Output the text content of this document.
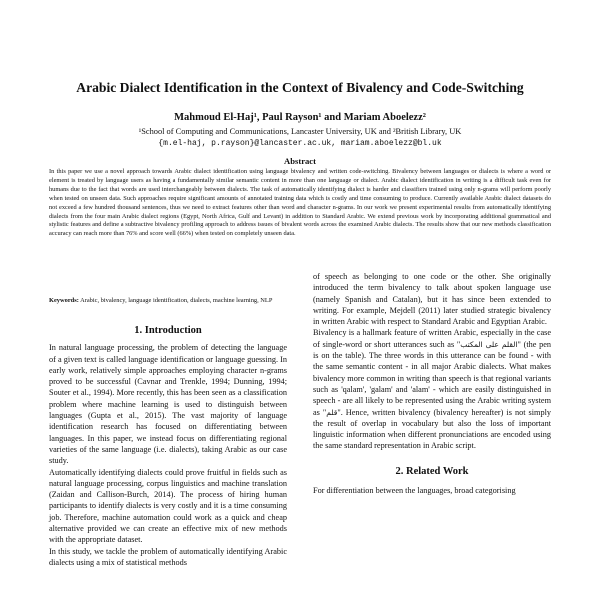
Arabic Dialect Identification in the Context of Bivalency and Code-Switching
Mahmoud El-Haj¹, Paul Rayson¹ and Mariam Aboelezz²
¹School of Computing and Communications, Lancaster University, UK and ²British Library, UK
{m.el-haj, p.rayson}@lancaster.ac.uk, mariam.aboelezz@bl.uk
Abstract

In this paper we use a novel approach towards Arabic dialect identification using language bivalency and written code-switching. Bivalency between languages or dialects is where a word or element is treated by language users as having a fundamentally similar semantic content in more than one language or dialect. Arabic dialect identification in writing is a difficult task even for humans due to the fact that words are used interchangeably between dialects. The task of automatically identifying dialect is harder and classifiers trained using only n-grams will perform poorly when tested on unseen data. Such approaches require significant amounts of annotated training data which is costly and time consuming to produce. Currently available Arabic dialect datasets do not exceed a few hundred thousand sentences, thus we need to extract features other than word and character n-grams. In our work we present experimental results from automatically identifying dialects from the four main Arabic dialect regions (Egypt, North Africa, Gulf and Levant) in addition to Standard Arabic. We extend previous work by incorporating additional grammatical and stylistic features and define a subtractive bivalency profiling approach to address issues of bivalent words across the examined Arabic dialects. The results show that our new methods classification accuracy can reach more than 76% and score well (66%) when tested on completely unseen data.

Keywords: Arabic, bivalency, language identification, dialects, machine learning, NLP
1. Introduction

In natural language processing, the problem of detecting the language of a given text is called language identification or language guessing. In early work, relatively simple approaches employing character n-grams proved to be successful (Cavnar and Trenkle, 1994; Dunning, 1994; Souter et al., 1994). More recently, this has been seen as a classification problem where machine learning is used to distinguish between languages (Gupta et al., 2015). The vast majority of language identification research has focused on differentiating between languages. In this paper, we instead focus on differentiating regional varieties of the same language (i.e. dialects), taking Arabic as our case study.

Automatically identifying dialects could prove fruitful in fields such as natural language processing, corpus linguistics and machine translation (Zaidan and Callison-Burch, 2014). The process of hiring human participants to identify dialects is very costly and it is a time consuming job. Therefore, machine automation could work as a quick and cheap alternative provided we can create an effective mix of new methods with the appropriate dataset.

In this study, we tackle the problem of automatically identifying Arabic dialects using a mix of statistical methods

of speech as belonging to one code or the other. She originally introduced the term bivalency to talk about spoken language use (namely Spanish and Catalan), but it has since been extended to writing. For example, Mejdell (2011) later studied strategic bivalency in written Arabic with respect to Standard Arabic and Egyptian Arabic.

Bivalency is a hallmark feature of written Arabic, especially in the case of single-word or short utterances such as "القلم على المكتب" (the pen is on the table). The three words in this utterance can be found - with the same semantic content - in all major Arabic dialects. What makes bivalency more common in writing than speech is that regional variants such as 'qalam', 'galam' and 'alam' - which are easily distinguished in speech - are all likely to be represented using the Arabic writing system as "قلم". Hence, written bivalency (bivalency hereafter) is not simply the result of overlap in vocabulary but also the loss of important linguistic information when different pronunciations are encoded using the same standard representation in Arabic script.

2. Related Work

For differentiation between the languages, broad categorising
